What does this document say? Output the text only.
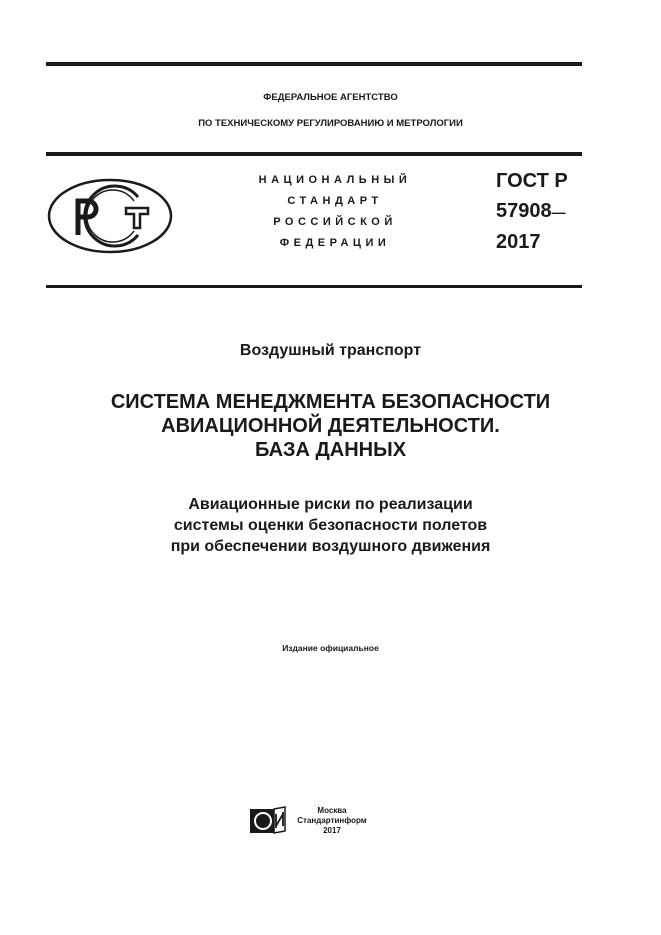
ФЕДЕРАЛЬНОЕ АГЕНТСТВО
ПО ТЕХНИЧЕСКОМУ РЕГУЛИРОВАНИЮ И МЕТРОЛОГИИ
НАЦИОНАЛЬНЫЙ
СТАНДАРТ
РОССИЙСКОЙ
ФЕДЕРАЦИИ
ГОСТ Р
57908—
2017
Воздушный транспорт
СИСТЕМА МЕНЕДЖМЕНТА БЕЗОПАСНОСТИ
АВИАЦИОННОЙ ДЕЯТЕЛЬНОСТИ.
БАЗА ДАННЫХ
Авиационные риски по реализации
системы оценки безопасности полетов
при обеспечении воздушного движения
Издание официальное
Москва
Стандартинформ
2017
